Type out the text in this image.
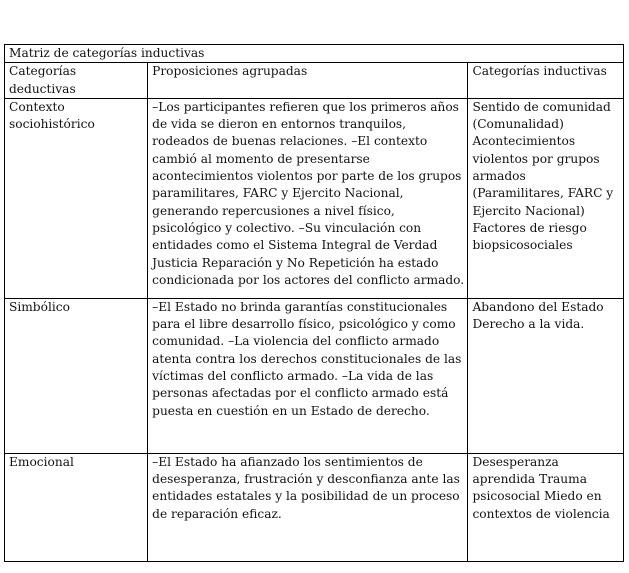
Matriz de categorías inductivas		
Categorías deductivas	Proposiciones agrupadas	Categorías inductivas
Contexto sociohistórico	–Los participantes refieren que los primeros años de vida se dieron en entornos tranquilos, rodeados de buenas relaciones. –El contexto cambió al momento de presentarse acontecimientos violentos por parte de los grupos paramilitares, FARC y Ejercito Nacional, generando repercusiones a nivel físico, psicológico y colectivo. –Su vinculación con entidades como el Sistema Integral de Verdad Justicia Reparación y No Repetición ha estado condicionada por los actores del conflicto armado.	Sentido de comunidad (Comunalidad) Acontecimientos violentos por grupos armados (Paramilitares, FARC y Ejercito Nacional) Factores de riesgo biopsicosociales
Simbólico	–El Estado no brinda garantías constitucionales para el libre desarrollo físico, psicológico y como comunidad. –La violencia del conflicto armado atenta contra los derechos constitucionales de las víctimas del conflicto armado. –La vida de las personas afectadas por el conflicto armado está puesta en cuestión en un Estado de derecho.	Abandono del Estado Derecho a la vida.
Emocional	–El Estado ha afianzado los sentimientos de desesperanza, frustración y desconfianza ante las entidades estatales y la posibilidad de un proceso de reparación eficaz.	Desesperanza aprendida Trauma psicosocial Miedo en contextos de violencia
